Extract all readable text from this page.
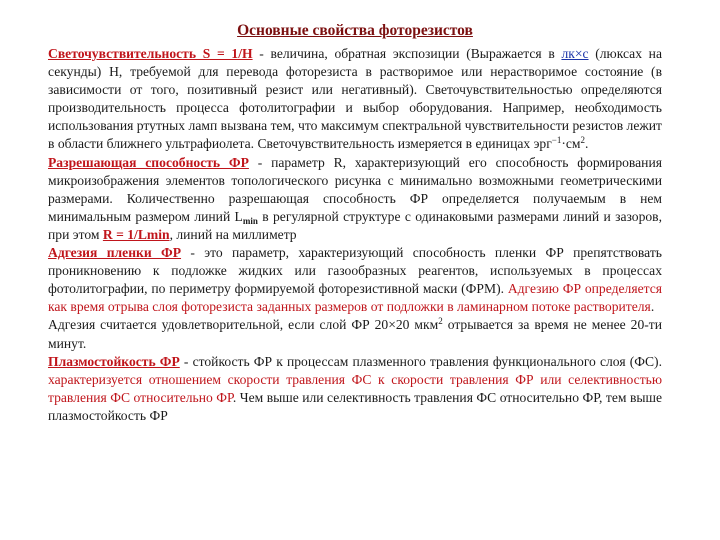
Основные свойства фоторезистов

Светочувствительность S = 1/H - величина, обратная экспозиции (Выражается в лк×с (люксах на секунды) Н, требуемой для перевода фоторезиста в растворимое или нерастворимое состояние (в зависимости от того, позитивный резист или негативный). Светочувствительностью определяются производительность процесса фотолитографии и выбор оборудования. Например, необходимость использования ртутных ламп вызвана тем, что максимум спектральной чувствительности резистов лежит в области ближнего ультрафиолета. Светочувствительность измеряется в единицах $эрг^{-1}\cdot см^2$.

Разрешающая способность ФР - параметр R, характеризующий его способность формирования микроизображения элементов топологического рисунка с минимально возможными геометрическими размерами. Количественно разрешающая способность ФР определяется получаемым в нем минимальным размером линий $L_{min}$ в регулярной структуре с одинаковыми размерами линий и зазоров, при этом R = 1/Lmin, линий на миллиметр

Адгезия пленки ФР - это параметр, характеризующий способность пленки ФР препятствовать проникновению к подложке жидких или газообразных реагентов, используемых в процессах фотолитографии, по периметру формируемой фоторезистивной маски (ФРМ). Адгезию ФР определяется как время отрыва слоя фоторезиста заданных размеров от подложки в ламинарном потоке растворителя.

Адгезия считается удовлетворительной, если слой ФР 20×20 мкм$^2$ отрывается за время не менее 20-ти минут.

Плазмостойкость ФР - стойкость ФР к процессам плазменного травления функционального слоя (ФС). характеризуется отношением скорости травления ФС к скорости травления ФР или селективностью травления ФС относительно ФР. Чем выше или селективность травления ФС относительно ФР, тем выше плазмостойкость ФР
